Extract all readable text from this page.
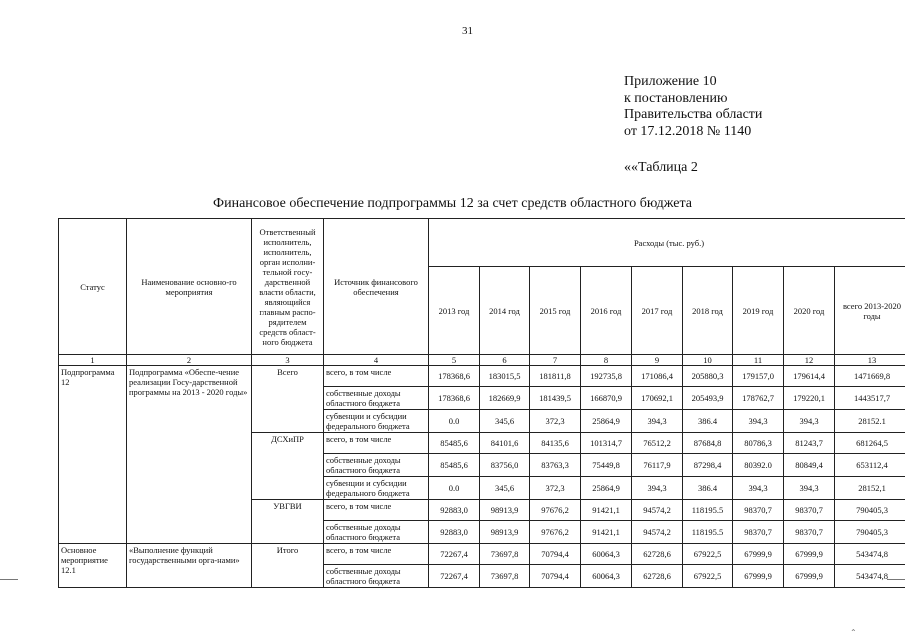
31
Приложение 10
к постановлению
Правительства области
от 17.12.2018 № 1140
««Таблица 2
Финансовое обеспечение подпрограммы 12 за счет средств областного бюджета
Статус	Наименование основно-го мероприятия	Ответственный исполнитель, исполнитель, орган исполни-тельной госу-дарственной власти области, являющийся главным распо-рядителем средств област-ного бюджета	Источник финансового обеспечения	Расходы (тыс. руб.)								
				2013 год	2014 год	2015 год	2016 год	2017 год	2018 год	2019 год	2020 год	всего 2013-2020 годы
1	2	3	4	5	6	7	8	9	10	11	12	13
Подпрограмма 12	Подпрограмма «Обеспе-чение реализации Госу-дарственной программы на 2013 - 2020 годы»	Всего	всего, в том числе	178368,6	183015,5	181811,8	192735,8	171086,4	205880,3	179157,0	179614,4	1471669,8
			собственные доходы областного бюджета	178368,6	182669,9	181439,5	166870,9	170692,1	205493,9	178762,7	179220,1	1443517,7
			субвенции и субсидии федерального бюджета	0.0	345,6	372,3	25864,9	394,3	386.4	394,3	394,3	28152.1
		ДСХиПР	всего, в том числе	85485,6	84101,6	84135,6	101314,7	76512,2	87684,8	80786,3	81243,7	681264,5
			собственные доходы областного бюджета	85485,6	83756,0	83763,3	75449,8	76117,9	87298,4	80392.0	80849,4	653112,4
			субвенции и субсидии федерального бюджета	0.0	345,6	372,3	25864,9	394,3	386.4	394,3	394,3	28152,1
		УВГВИ	всего, в том числе	92883,0	98913,9	97676,2	91421,1	94574,2	118195.5	98370,7	98370,7	790405,3
			собственные доходы областного бюджета	92883,0	98913,9	97676,2	91421,1	94574,2	118195.5	98370,7	98370,7	790405,3
Основное мероприятие 12.1	«Выполнение функций государственными орга-нами»	Итого	всего, в том числе	72267,4	73697,8	70794,4	60064,3	62728,6	67922,5	67999,9	67999,9	543474,8
			собственные доходы областного бюджета	72267,4	73697,8	70794,4	60064,3	62728,6	67922,5	67999,9	67999,9	543474,8
⌃
